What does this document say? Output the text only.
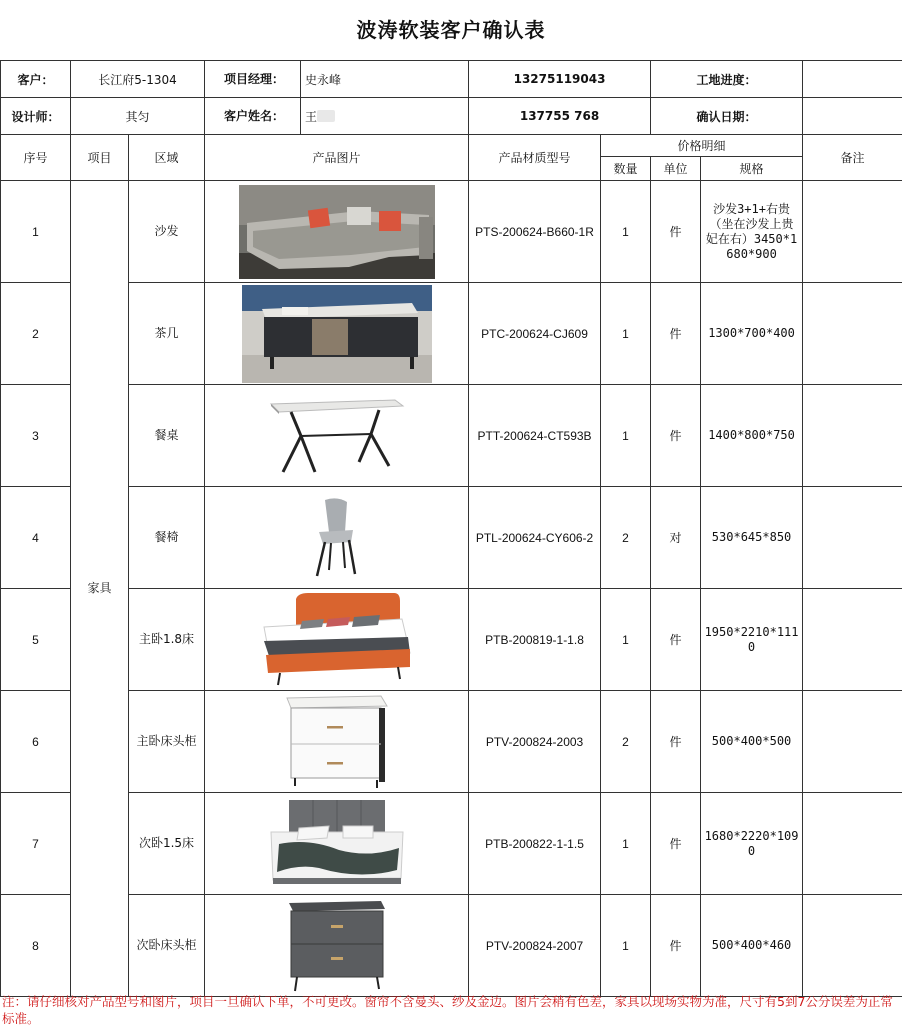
波涛软装客户确认表
客户：	长江府5-1304		项目经理： 史永峰	13275119043		工地进度：		
设计师：	其匀		客户姓名： 王	137755 768		确认日期：		
序号	项目	区域	产品图片	产品材质型号	价格明细			备注
					数量	单位	规格	
1	家具	沙发		PTS-200624-B660-1R	1	件	沙发3+1+右贵（坐在沙发上贵妃在右）3450*1680*900	
2		茶几		PTC-200624-CJ609	1	件	1300*700*400	
3		餐桌		PTT-200624-CT593B	1	件	1400*800*750	
4		餐椅		PTL-200624-CY606-2	2	对	530*645*850	
5		主卧1.8床		PTB-200819-1-1.8	1	件	1950*2210*1110	
6		主卧床头柜		PTV-200824-2003	2	件	500*400*500	
7		次卧1.5床		PTB-200822-1-1.5	1	件	1680*2220*1090	
8		次卧床头柜		PTV-200824-2007	1	件	500*400*460	
注：请仔细核对产品型号和图片，项目一旦确认下单，不可更改。窗帘不含曼头、纱及金边。图片会稍有色差，家具以现场实物为准，尺寸有5到7公分误差为正常标准。
